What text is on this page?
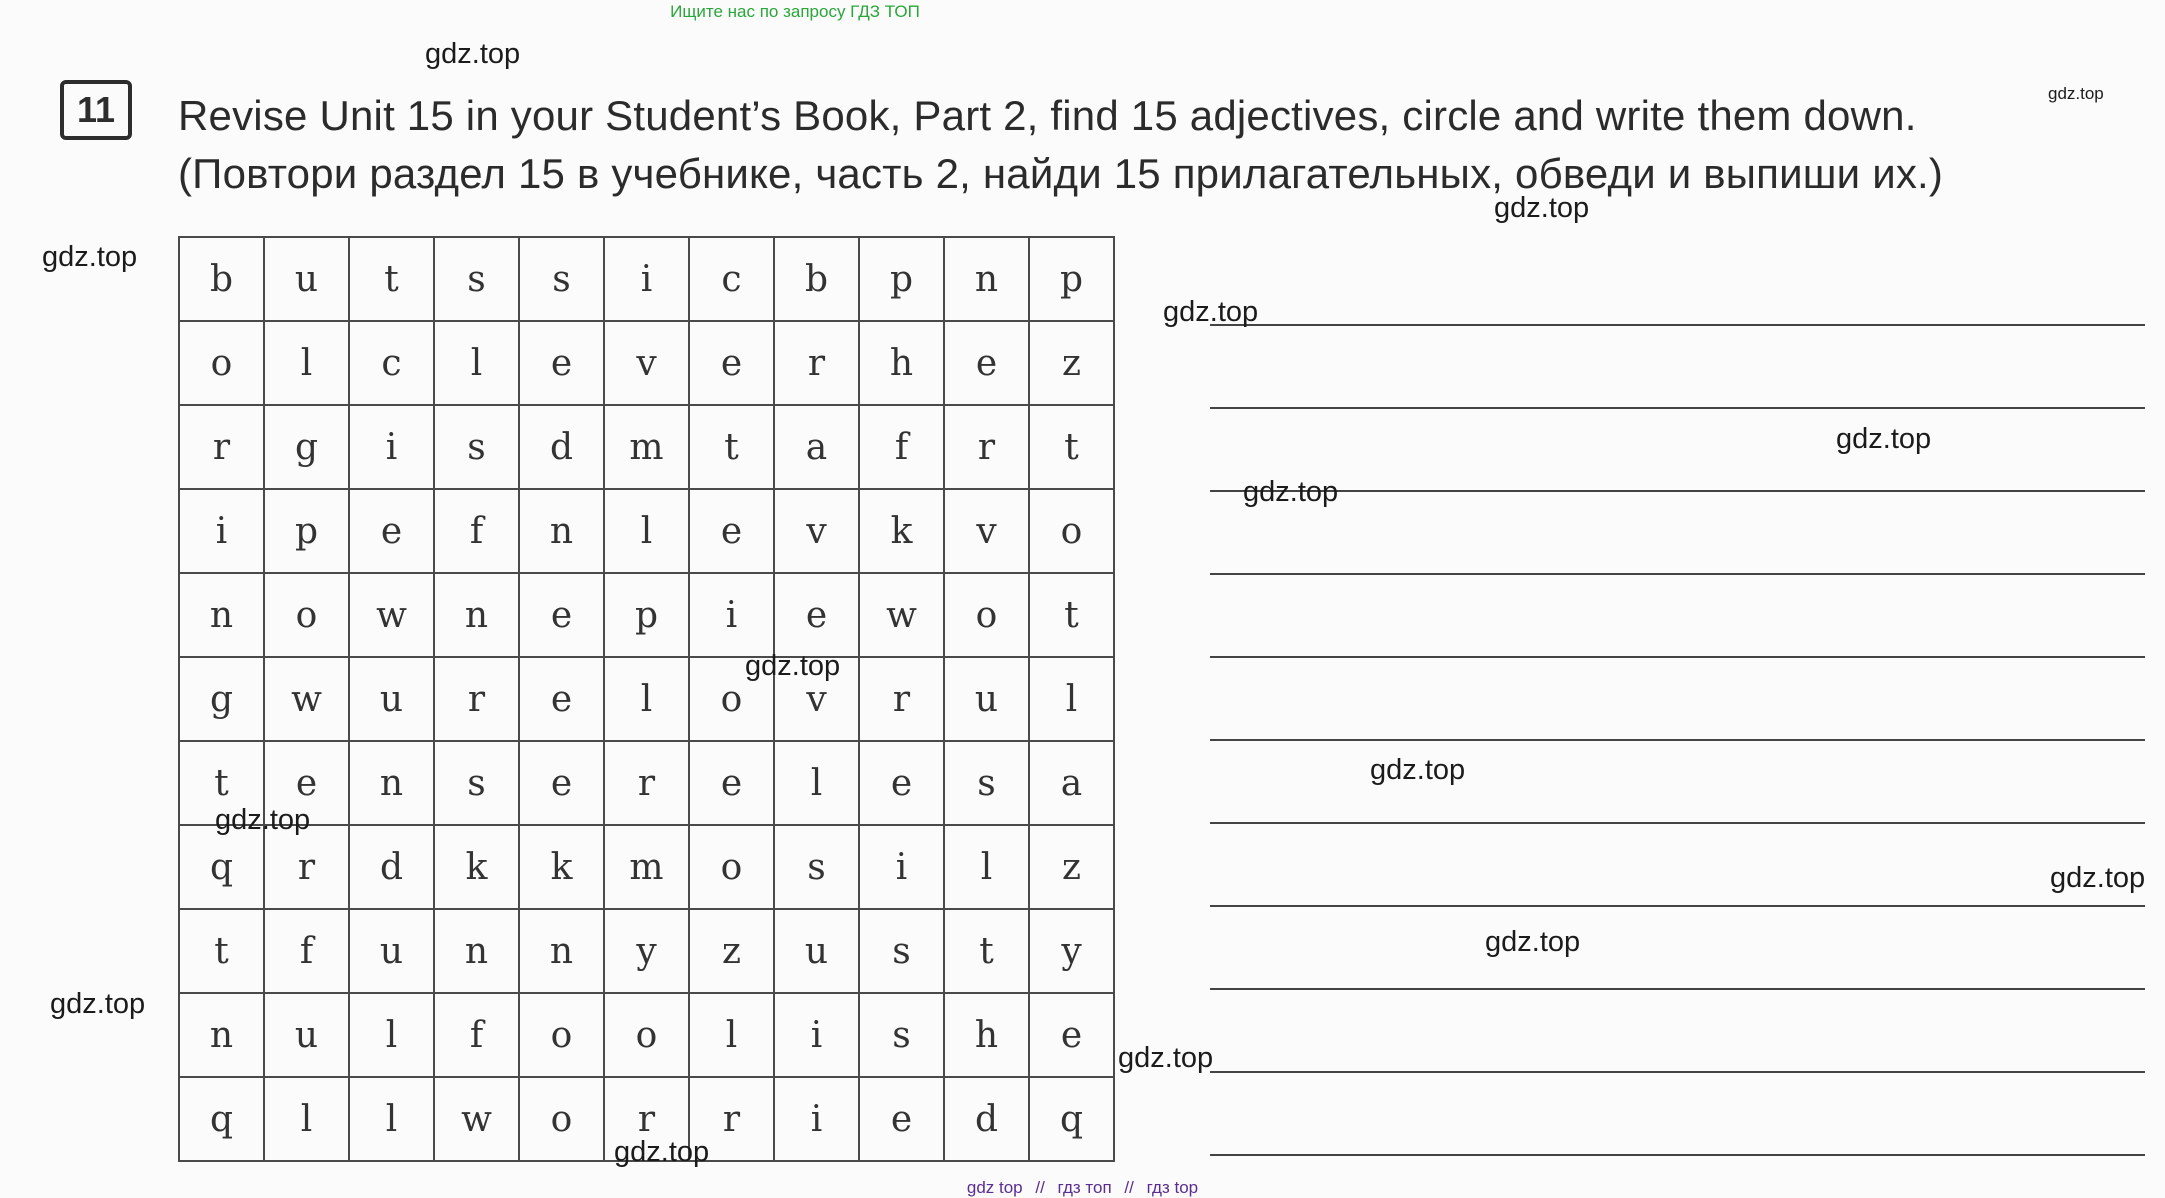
Ищите нас по запросу ГДЗ ТОП
11	Revise Unit 15 in your Student’s Book, Part 2, find 15 adjectives, circle and write them down.
(Повтори раздел 15 в учебнике, часть 2, найди 15 прилагательных, обведи и выпиши их.)
b	u	t	s	s	i	c	b	p	n	p
o	l	c	l	e	v	e	r	h	e	z
r	g	i	s	d	m	t	a	f	r	t
i	p	e	f	n	l	e	v	k	v	o
n	o	w	n	e	p	i	e	w	o	t
g	w	u	r	e	l	o	v	r	u	l
t	e	n	s	e	r	e	l	e	s	a
q	r	d	k	k	m	o	s	i	l	z
t	f	u	n	n	y	z	u	s	t	y
n	u	l	f	o	o	l	i	s	h	e
q	l	l	w	o	r	r	i	e	d	q
gdz.top
gdz.top
gdz.top
gdz.top
gdz.top
gdz.top
gdz.top
gdz.top
gdz.top
gdz.top
gdz.top
gdz.top
gdz.top
gdz.top
gdz.top
gdz top // гдз топ // гдз top
